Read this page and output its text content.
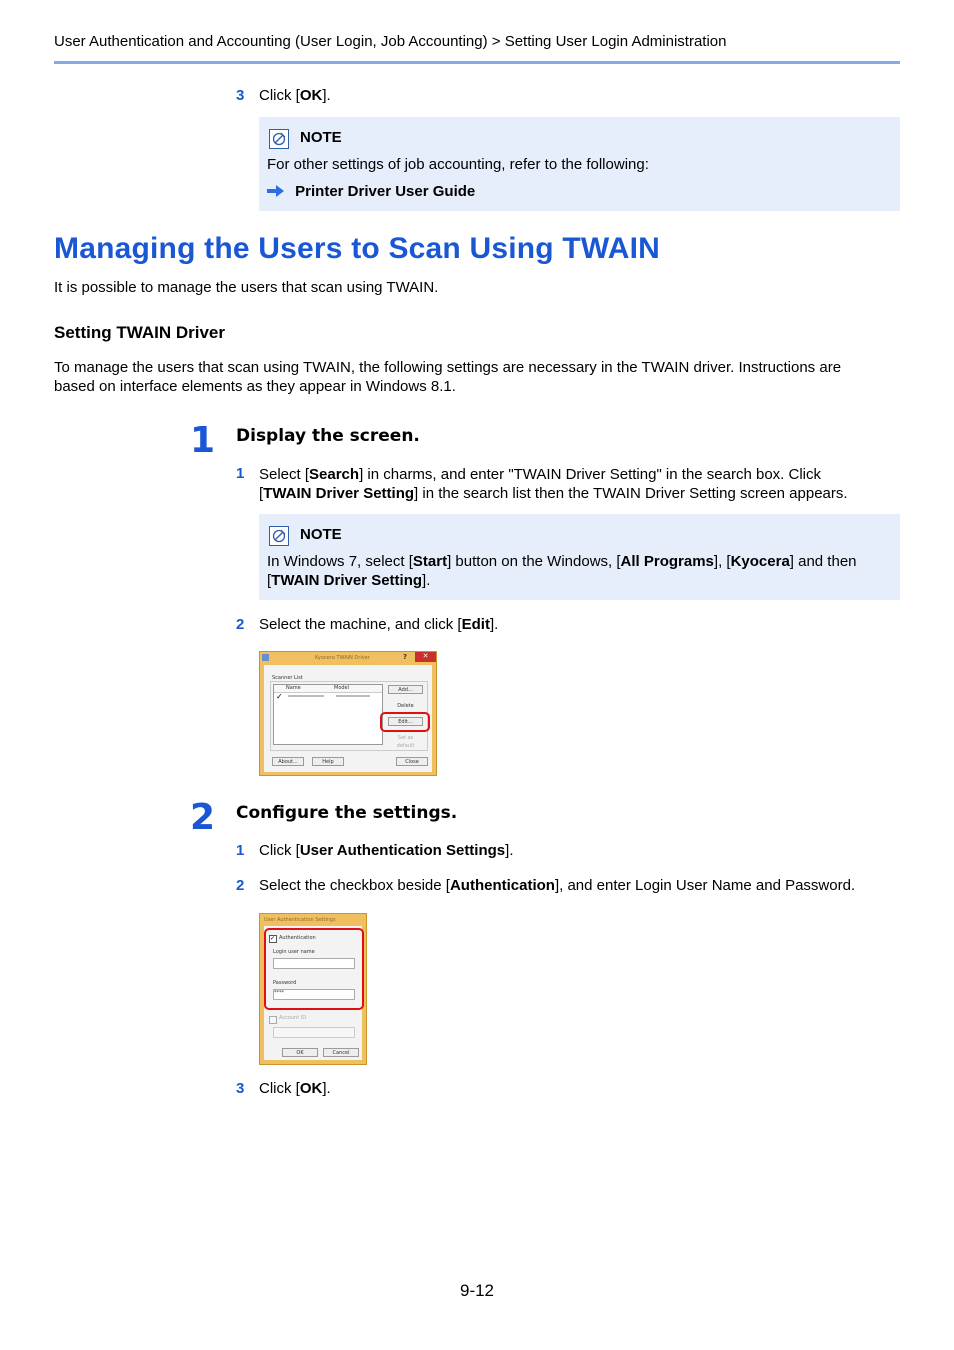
User Authentication and Accounting (User Login, Job Accounting) > Setting User Login Administration
3 Click [OK].
NOTE
For other settings of job accounting, refer to the following:
Printer Driver User Guide
Managing the Users to Scan Using TWAIN
It is possible to manage the users that scan using TWAIN.
Setting TWAIN Driver
To manage the users that scan using TWAIN, the following settings are necessary in the TWAIN driver. Instructions are
based on interface elements as they appear in Windows 8.1.
1 Display the screen.
1 Select [Search] in charms, and enter "TWAIN Driver Setting" in the search box. Click
[TWAIN Driver Setting] in the search list then the TWAIN Driver Setting screen appears.
NOTE
In Windows 7, select [Start] button on the Windows, [All Programs], [Kyocera] and then
[TWAIN Driver Setting].
2 Select the machine, and click [Edit].
Kyocera TWAIN Driver	?	✕
Scanner List
Name	Model
✓
Add...
Delete
Edit...
Set as default
About...	Help	Close
2 Configure the settings.
1 Click [User Authentication Settings].
2 Select the checkbox beside [Authentication], and enter Login User Name and Password.
User Authentication Settings
✓ Authentication
Login user name
Password
****
Account ID
OK	Cancel
3 Click [OK].
9-12
